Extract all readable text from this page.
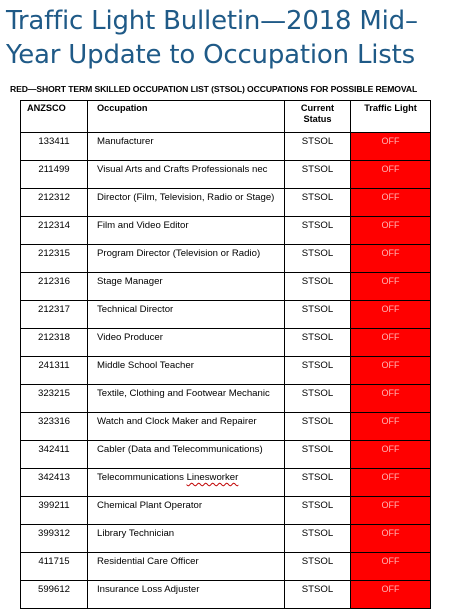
Traffic Light Bulletin—2018 Mid–Year Update to Occupation Lists
RED—SHORT TERM SKILLED OCCUPATION LIST (STSOL) OCCUPATIONS FOR POSSIBLE REMOVAL
ANZSCO	Occupation	Current Status	Traffic Light
133411	Manufacturer	STSOL	OFF
211499	Visual Arts and Crafts Professionals nec	STSOL	OFF
212312	Director (Film, Television, Radio or Stage)	STSOL	OFF
212314	Film and Video Editor	STSOL	OFF
212315	Program Director (Television or Radio)	STSOL	OFF
212316	Stage Manager	STSOL	OFF
212317	Technical Director	STSOL	OFF
212318	Video Producer	STSOL	OFF
241311	Middle School Teacher	STSOL	OFF
323215	Textile, Clothing and Footwear Mechanic	STSOL	OFF
323316	Watch and Clock Maker and Repairer	STSOL	OFF
342411	Cabler (Data and Telecommunications)	STSOL	OFF
342413	Telecommunications Linesworker	STSOL	OFF
399211	Chemical Plant Operator	STSOL	OFF
399312	Library Technician	STSOL	OFF
411715	Residential Care Officer	STSOL	OFF
599612	Insurance Loss Adjuster	STSOL	OFF
